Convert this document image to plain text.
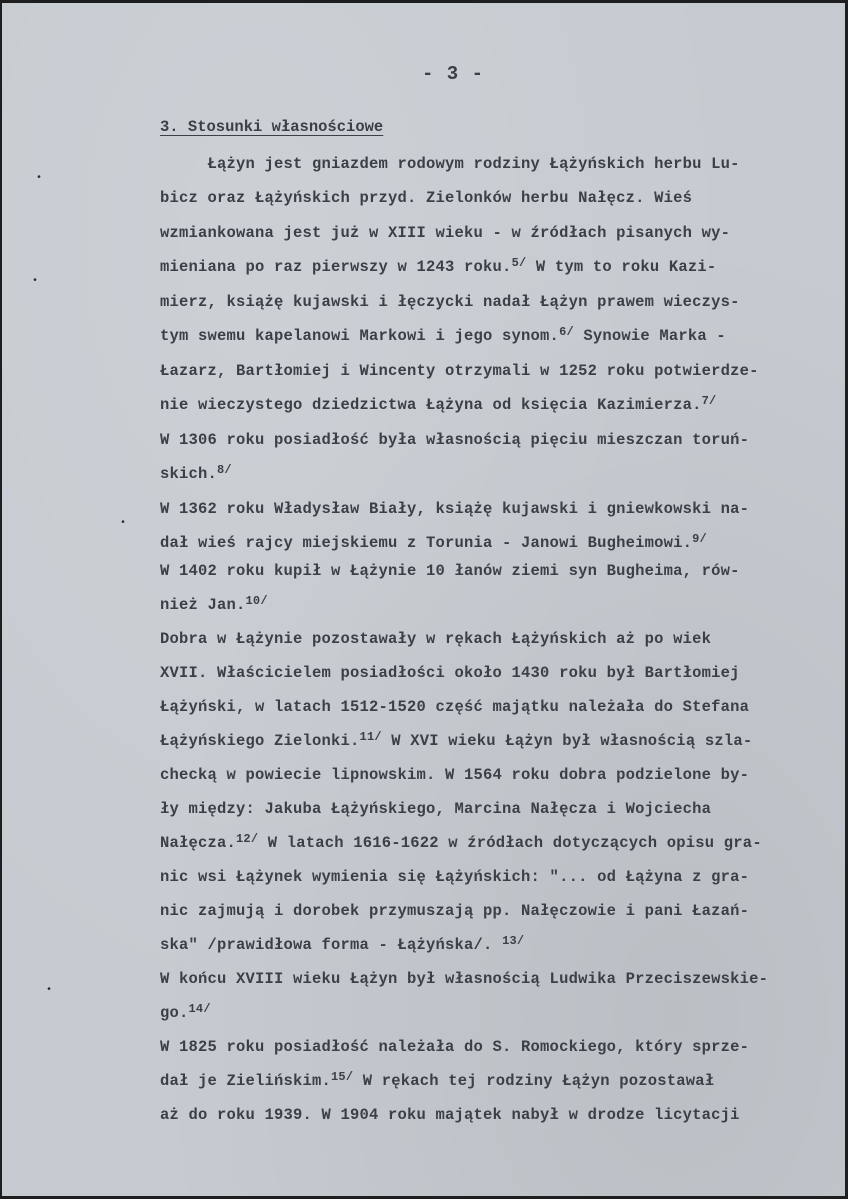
- 3 -
3. Stosunki własnościowe
Łążyn jest gniazdem rodowym rodziny Łążyńskich herbu Lu-
bicz oraz Łążyńskich przyd. Zielonków herbu Nałęcz. Wieś
wzmiankowana jest już w XIII wieku - w źródłach pisanych wy-
mieniana po raz pierwszy w 1243 roku.$^{5/}$ W tym to roku Kazi-
mierz, książę kujawski i łęczycki nadał Łążyn prawem wieczys-
tym swemu kapelanowi Markowi i jego synom.$^{6/}$ Synowie Marka -
Łazarz, Bartłomiej i Wincenty otrzymali w 1252 roku potwierdze-
nie wieczystego dziedzictwa Łążyna od księcia Kazimierza.$^{7/}$
W 1306 roku posiadłość była własnością pięciu mieszczan toruń-
skich.$^{8/}$
W 1362 roku Władysław Biały, książę kujawski i gniewkowski na-
dał wieś rajcy miejskiemu z Torunia - Janowi Bugheimowi.$^{9/}$
W 1402 roku kupił w Łążynie 10 łanów ziemi syn Bugheima, rów-
nież Jan.$^{10/}$
Dobra w Łążynie pozostawały w rękach Łążyńskich aż po wiek
XVII. Właścicielem posiadłości około 1430 roku był Bartłomiej
Łążyński, w latach 1512-1520 część majątku należała do Stefana
Łążyńskiego Zielonki.$^{11/}$ W XVI wieku Łążyn był własnością szla-
checką w powiecie lipnowskim. W 1564 roku dobra podzielone by-
ły między: Jakuba Łążyńskiego, Marcina Nałęcza i Wojciecha
Nałęcza.$^{12/}$ W latach 1616-1622 w źródłach dotyczących opisu gra-
nic wsi Łążynek wymienia się Łążyńskich: "... od Łążyna z gra-
nic zajmują i dorobek przymuszają pp. Nałęczowie i pani Łazań-
ska" /prawidłowa forma - Łążyńska/. $^{13/}$
W końcu XVIII wieku Łążyn był własnością Ludwika Przeciszewskie-
go.$^{14/}$
W 1825 roku posiadłość należała do S. Romockiego, który sprze-
dał je Zielińskim.$^{15/}$ W rękach tej rodziny Łążyn pozostawał
aż do roku 1939. W 1904 roku majątek nabył w drodze licytacji
•
•
•
•
